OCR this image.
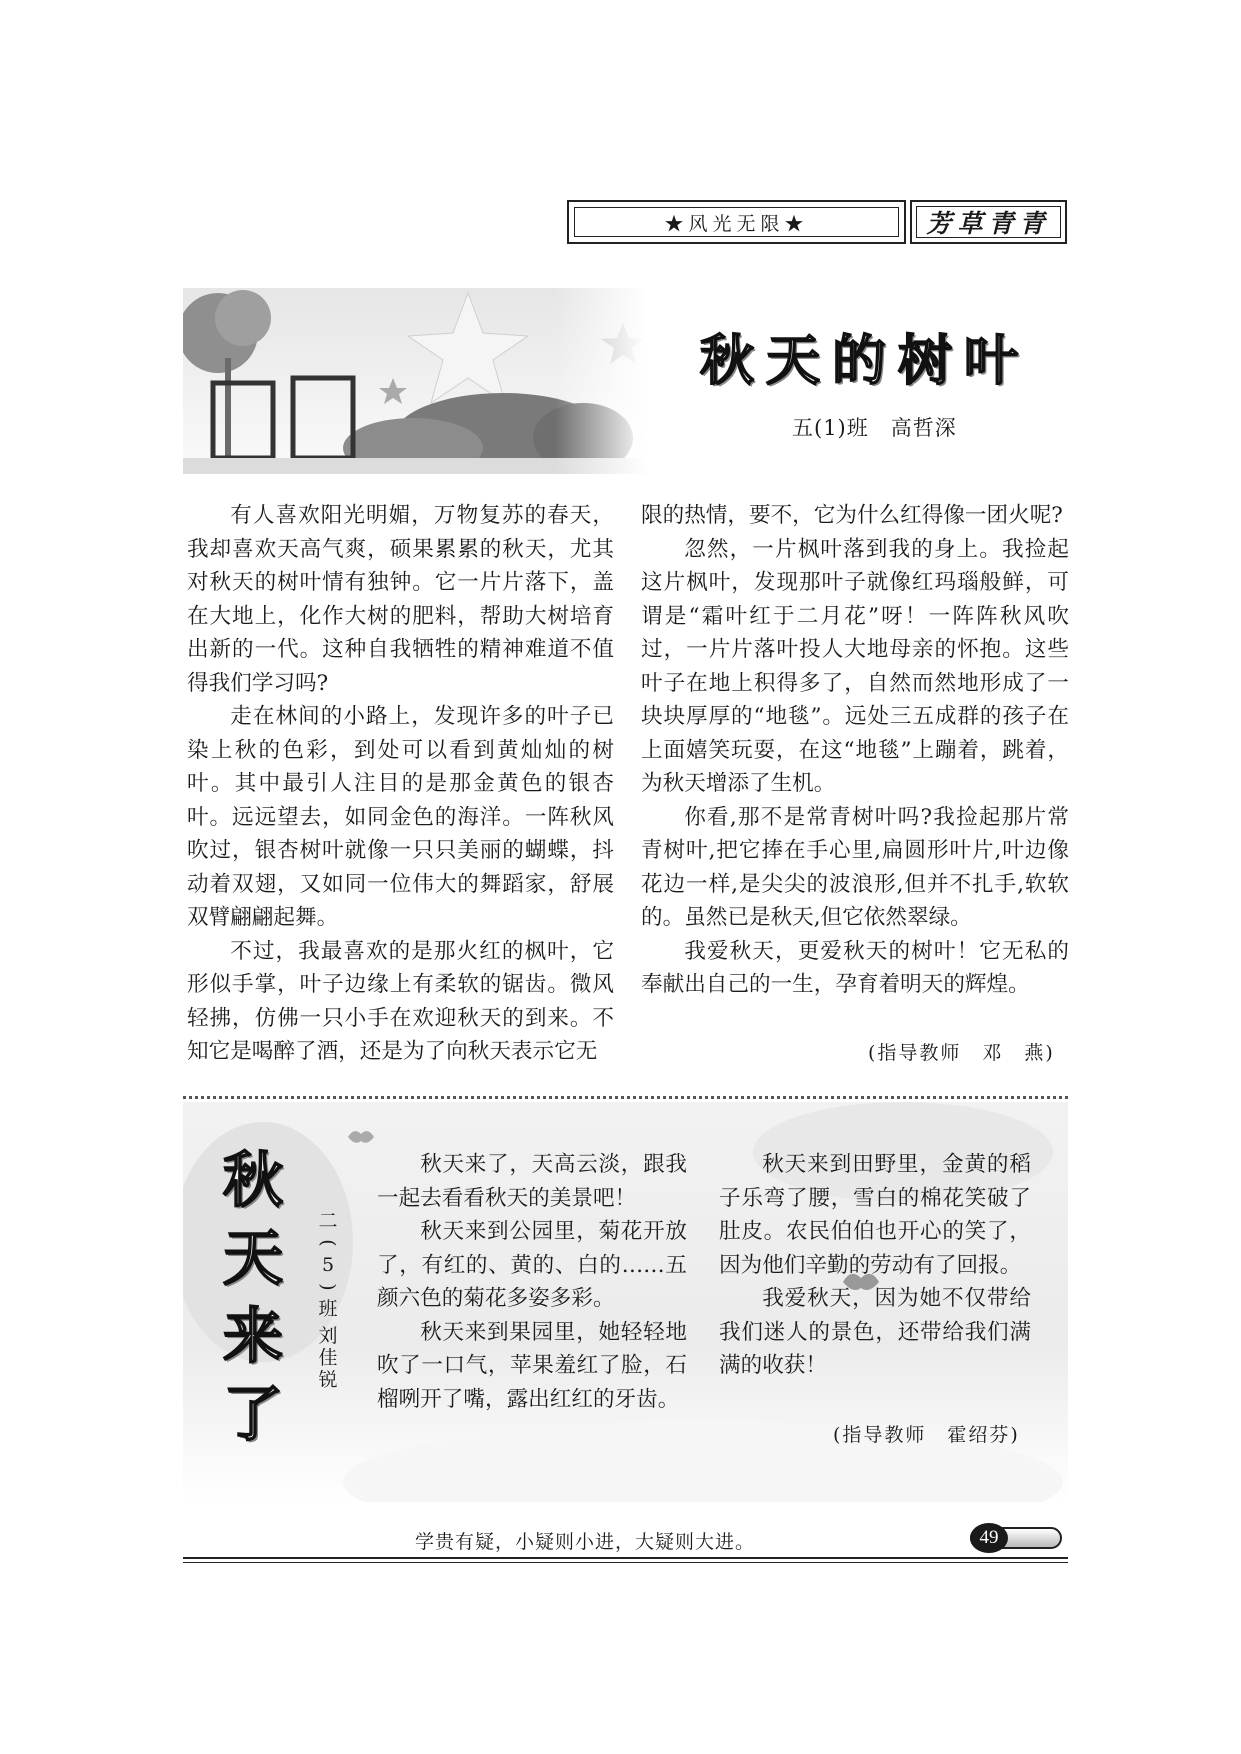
★风光无限★	芳草青青
秋天的树叶
五(1)班　高哲深

有人喜欢阳光明媚，万物复苏的春天，我却喜欢天高气爽，硕果累累的秋天，尤其对秋天的树叶情有独钟。它一片片落下，盖在大地上，化作大树的肥料，帮助大树培育出新的一代。这种自我牺牲的精神难道不值得我们学习吗?

走在林间的小路上，发现许多的叶子已染上秋的色彩，到处可以看到黄灿灿的树叶。其中最引人注目的是那金黄色的银杏叶。远远望去，如同金色的海洋。一阵秋风吹过，银杏树叶就像一只只美丽的蝴蝶，抖动着双翅，又如同一位伟大的舞蹈家，舒展双臂翩翩起舞。

不过，我最喜欢的是那火红的枫叶，它形似手掌，叶子边缘上有柔软的锯齿。微风轻拂，仿佛一只小手在欢迎秋天的到来。不知它是喝醉了酒，还是为了向秋天表示它无

限的热情，要不，它为什么红得像一团火呢?

忽然，一片枫叶落到我的身上。我捡起这片枫叶，发现那叶子就像红玛瑙般鲜，可谓是“霜叶红于二月花”呀！一阵阵秋风吹过，一片片落叶投人大地母亲的怀抱。这些叶子在地上积得多了，自然而然地形成了一块块厚厚的“地毯”。远处三五成群的孩子在上面嬉笑玩耍，在这“地毯”上蹦着，跳着，为秋天增添了生机。

你看,那不是常青树叶吗?我捡起那片常青树叶,把它捧在手心里,扁圆形叶片,叶边像花边一样,是尖尖的波浪形,但并不扎手,软软的。虽然已是秋天,但它依然翠绿。

我爱秋天，更爱秋天的树叶！它无私的奉献出自己的一生，孕育着明天的辉煌。

(指导教师　邓　燕)
秋
天
来
了
二
(
5
)
班
刘
佳
锐

秋天来了，天高云淡，跟我一起去看看秋天的美景吧！

秋天来到公园里，菊花开放了，有红的、黄的、白的……五颜六色的菊花多姿多彩。

秋天来到果园里，她轻轻地吹了一口气，苹果羞红了脸，石榴咧开了嘴，露出红红的牙齿。

秋天来到田野里，金黄的稻子乐弯了腰，雪白的棉花笑破了肚皮。农民伯伯也开心的笑了，因为他们辛勤的劳动有了回报。

我爱秋天，因为她不仅带给我们迷人的景色，还带给我们满满的收获！

(指导教师　霍绍芬)
学贵有疑，小疑则小进，大疑则大进。	49
